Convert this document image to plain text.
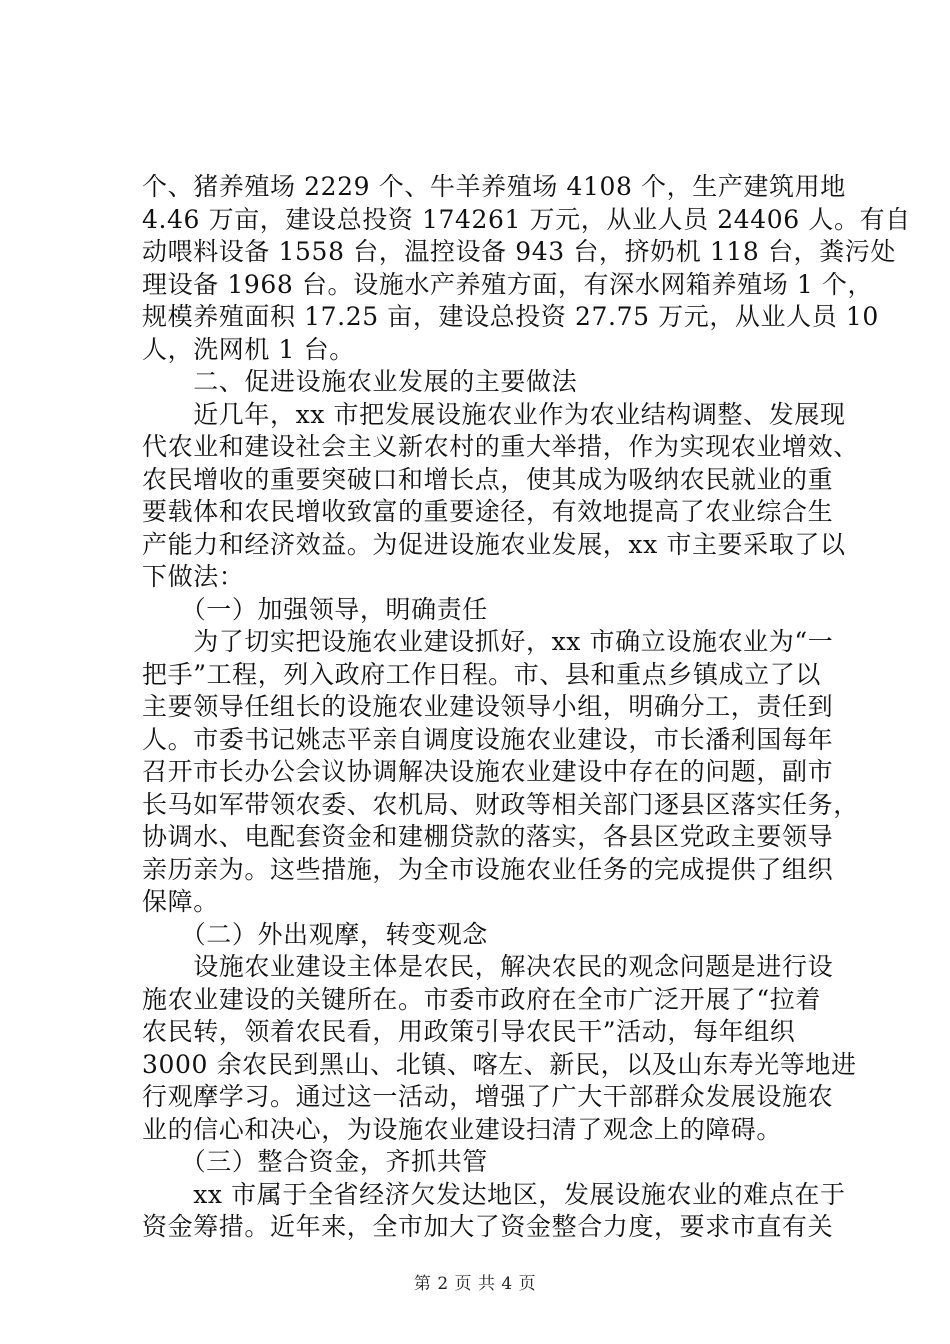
个、猪养殖场 2229 个、牛羊养殖场 4108 个，生产建筑用地
4.46 万亩，建设总投资 174261 万元，从业人员 24406 人。有自
动喂料设备 1558 台，温控设备 943 台，挤奶机 118 台，粪污处
理设备 1968 台。设施水产养殖方面，有深水网箱养殖场 1 个，
规模养殖面积 17.25 亩，建设总投资 27.75 万元，从业人员 10
人，洗网机 1 台。
　　二、促进设施农业发展的主要做法
　　近几年，xx 市把发展设施农业作为农业结构调整、发展现
代农业和建设社会主义新农村的重大举措，作为实现农业增效、
农民增收的重要突破口和增长点，使其成为吸纳农民就业的重
要载体和农民增收致富的重要途径，有效地提高了农业综合生
产能力和经济效益。为促进设施农业发展，xx 市主要采取了以
下做法：
　　（一）加强领导，明确责任
　　为了切实把设施农业建设抓好，xx 市确立设施农业为“一
把手”工程，列入政府工作日程。市、县和重点乡镇成立了以
主要领导任组长的设施农业建设领导小组，明确分工，责任到
人。市委书记姚志平亲自调度设施农业建设，市长潘利国每年
召开市长办公会议协调解决设施农业建设中存在的问题，副市
长马如军带领农委、农机局、财政等相关部门逐县区落实任务，
协调水、电配套资金和建棚贷款的落实，各县区党政主要领导
亲历亲为。这些措施，为全市设施农业任务的完成提供了组织
保障。
　　（二）外出观摩，转变观念
　　设施农业建设主体是农民，解决农民的观念问题是进行设
施农业建设的关键所在。市委市政府在全市广泛开展了“拉着
农民转，领着农民看，用政策引导农民干”活动，每年组织
3000 余农民到黑山、北镇、喀左、新民，以及山东寿光等地进
行观摩学习。通过这一活动，增强了广大干部群众发展设施农
业的信心和决心，为设施农业建设扫清了观念上的障碍。
　　（三）整合资金，齐抓共管
　　xx 市属于全省经济欠发达地区，发展设施农业的难点在于
资金筹措。近年来，全市加大了资金整合力度，要求市直有关
第 2 页 共 4 页
